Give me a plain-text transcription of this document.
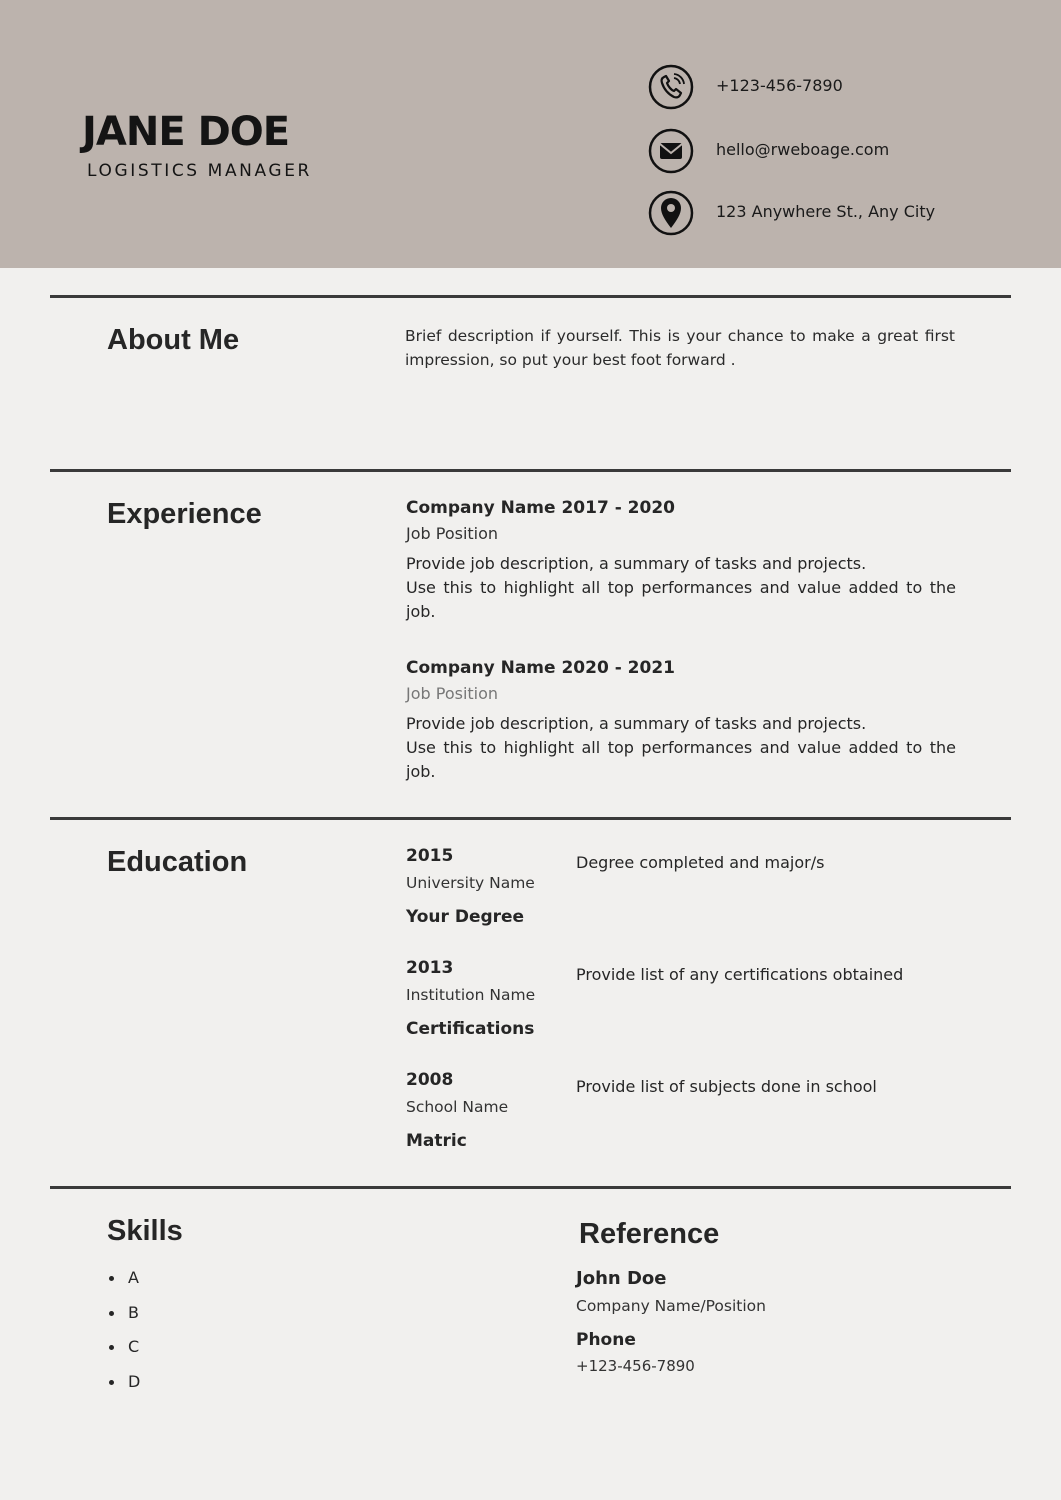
JANE DOE
LOGISTICS MANAGER
+123-456-7890
hello@rweboage.com
123 Anywhere St., Any City
About Me	Brief description if yourself. This is your chance to make a great first impression, so put your best foot forward .
Experience	Company Name 2017 - 2020
Job Position
Provide job description, a summary of tasks and projects.
Use this to highlight all top performances and value added to the job.
Company Name 2020 - 2021
Job Position
Provide job description, a summary of tasks and projects.
Use this to highlight all top performances and value added to the job.
Education	2015
University Name
Your Degree
Degree completed and major/s
2013
Institution Name
Certifications
Provide list of any certifications obtained
2008
School Name
Matric
Provide list of subjects done in school
Skills
A
B
C
D
Reference
John Doe
Company Name/Position
Phone
+123-456-7890
